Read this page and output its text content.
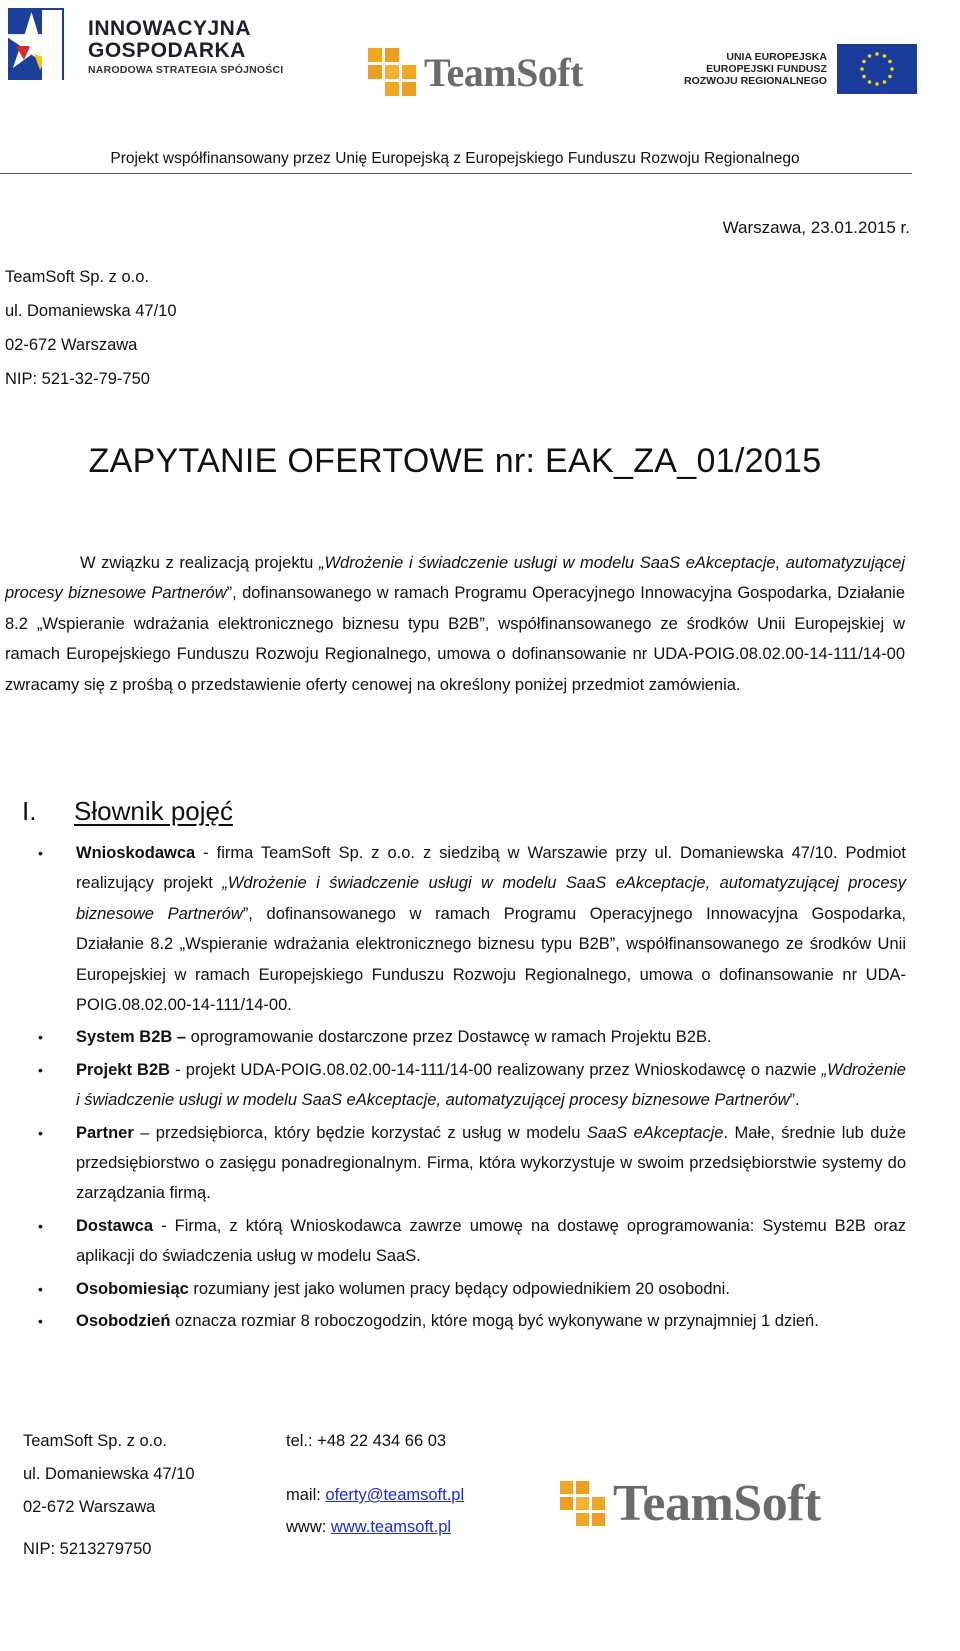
INNOWACYJNA
GOSPODARKA
NARODOWA STRATEGIA SPÓJNOŚCI	TeamSoft	UNIA EUROPEJSKA
EUROPEJSKI FUNDUSZ
ROZWOJU REGIONALNEGO
Projekt współfinansowany przez Unię Europejską z Europejskiego Funduszu Rozwoju Regionalnego
Warszawa, 23.01.2015 r.
TeamSoft Sp. z o.o.
ul. Domaniewska 47/10
02-672 Warszawa
NIP: 521-32-79-750
ZAPYTANIE OFERTOWE nr: EAK_ZA_01/2015
W związku z realizacją projektu „Wdrożenie i świadczenie usługi w modelu SaaS eAkceptacje, automatyzującej procesy biznesowe Partnerów”, dofinansowanego w ramach Programu Operacyjnego Innowacyjna Gospodarka, Działanie 8.2 „Wspieranie wdrażania elektronicznego biznesu typu B2B”, współfinansowanego ze środków Unii Europejskiej w ramach Europejskiego Funduszu Rozwoju Regionalnego, umowa o dofinansowanie nr UDA-POIG.08.02.00-14-111/14-00 zwracamy się z prośbą o przedstawienie oferty cenowej na określony poniżej przedmiot zamówienia.
I.	Słownik pojęć
• Wnioskodawca - firma TeamSoft Sp. z o.o. z siedzibą w Warszawie przy ul. Domaniewska 47/10. Podmiot realizujący projekt „Wdrożenie i świadczenie usługi w modelu SaaS eAkceptacje, automatyzującej procesy biznesowe Partnerów”, dofinansowanego w ramach Programu Operacyjnego Innowacyjna Gospodarka, Działanie 8.2 „Wspieranie wdrażania elektronicznego biznesu typu B2B”, współfinansowanego ze środków Unii Europejskiej w ramach Europejskiego Funduszu Rozwoju Regionalnego, umowa o dofinansowanie nr UDA-POIG.08.02.00-14-111/14-00.
• System B2B – oprogramowanie dostarczone przez Dostawcę w ramach Projektu B2B.
• Projekt B2B - projekt UDA-POIG.08.02.00-14-111/14-00 realizowany przez Wnioskodawcę o nazwie „Wdrożenie i świadczenie usługi w modelu SaaS eAkceptacje, automatyzującej procesy biznesowe Partnerów”.
• Partner – przedsiębiorca, który będzie korzystać z usług w modelu SaaS eAkceptacje. Małe, średnie lub duże przedsiębiorstwo o zasięgu ponadregionalnym. Firma, która wykorzystuje w swoim przedsiębiorstwie systemy do zarządzania firmą.
• Dostawca - Firma, z którą Wnioskodawca zawrze umowę na dostawę oprogramowania: Systemu B2B oraz aplikacji do świadczenia usług w modelu SaaS.
• Osobomiesiąc rozumiany jest jako wolumen pracy będący odpowiednikiem 20 osobodni.
• Osobodzień oznacza rozmiar 8 roboczogodzin, które mogą być wykonywane w przynajmniej 1 dzień.
TeamSoft Sp. z o.o.
ul. Domaniewska 47/10
02-672 Warszawa
NIP: 5213279750
tel.: +48 22 434 66 03
mail: oferty@teamsoft.pl
www: www.teamsoft.pl	TeamSoft
